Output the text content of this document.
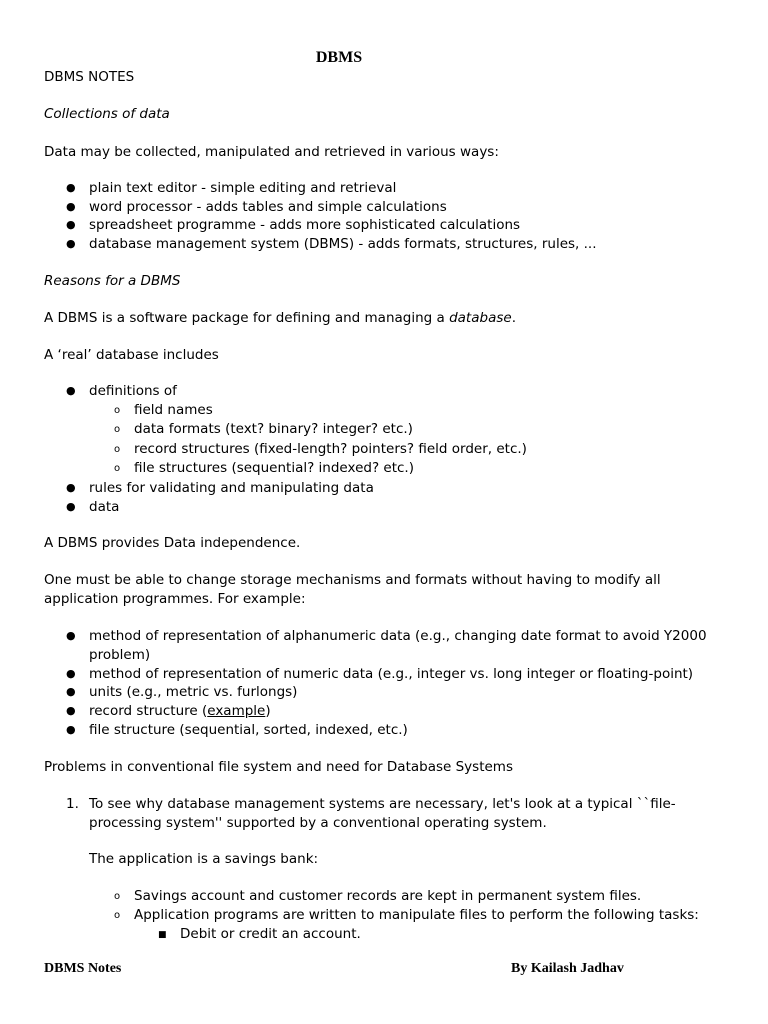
DBMS
DBMS NOTES
Collections of data
Data may be collected, manipulated and retrieved in various ways:
● plain text editor - simple editing and retrieval
● word processor - adds tables and simple calculations
● spreadsheet programme - adds more sophisticated calculations
● database management system (DBMS) - adds formats, structures, rules, ...
Reasons for a DBMS
A DBMS is a software package for defining and managing a database.
A ‘real’ database includes
● definitions of
o field names
o data formats (text? binary? integer? etc.)
o record structures (fixed-length? pointers? field order, etc.)
o file structures (sequential? indexed? etc.)
● rules for validating and manipulating data
● data
A DBMS provides Data independence.
One must be able to change storage mechanisms and formats without having to modify all
application programmes. For example:
● method of representation of alphanumeric data (e.g., changing date format to avoid Y2000
problem)
● method of representation of numeric data (e.g., integer vs. long integer or floating-point)
● units (e.g., metric vs. furlongs)
● record structure (example)
● file structure (sequential, sorted, indexed, etc.)
Problems in conventional file system and need for Database Systems
1. To see why database management systems are necessary, let's look at a typical ``file-
processing system'' supported by a conventional operating system.
The application is a savings bank:
o Savings account and customer records are kept in permanent system files.
o Application programs are written to manipulate files to perform the following tasks:
■ Debit or credit an account.
DBMS Notes	By Kailash Jadhav
